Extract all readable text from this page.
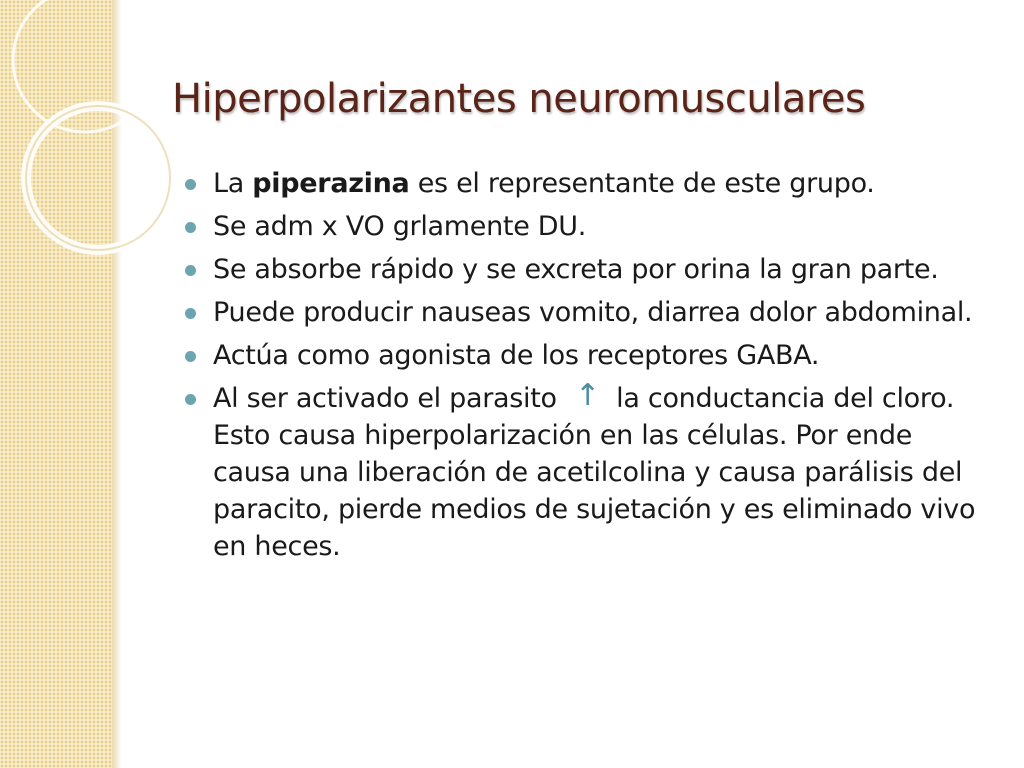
Hiperpolarizantes neuromusculares
La piperazina es el representante de este grupo.
Se adm x VO grlamente DU.
Se absorbe rápido y se excreta por orina la gran parte.
Puede producir nauseas vomito, diarrea dolor abdominal.
Actúa como agonista de los receptores GABA.
Al ser activado el parasito ↑ la conductancia del cloro. Esto causa hiperpolarización en las células. Por ende causa una liberación de acetilcolina y causa parálisis del paracito, pierde medios de sujetación y es eliminado vivo en heces.
